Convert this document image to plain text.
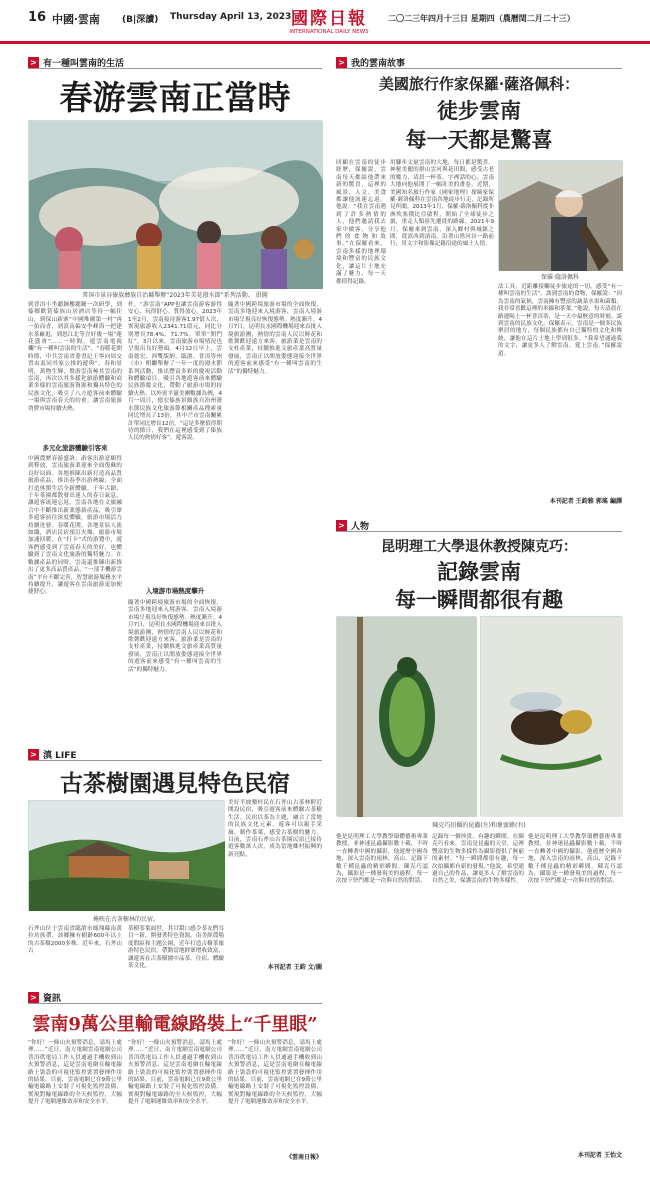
16 中國·雲南 (B|深讀) Thursday April 13, 2023 國際日報
INTERNATIONAL DAILY NEWS
二〇二三年四月十三日 星期四（農曆閏二月二十三）
> 有一種叫雲南的生活
春游雲南正當時
普洱市景谷傣族彝族自治縣舉辦“2023年美花潑水節”系列活動。 俱圖
到普洱小坐聽鐘樓聽鐘一次研學，到傣鄉歡賞傣族山居酒店等待一幅住山，到保山新寨“中國堆砌第一村”再一拍而香，到滇南偏安李峰海一把建水茶廠逛，到怒江北等豈好幾一場“蓮花盛會”……一時間，遊雲南電視欄“有一種叫雲南的生活”、“春暖花開時節，中共雲南省委書記王寧向周交習由衷同其家公推的遊與”。春和景明，萬物生輝，盤游雲南極其雲南的雲南，再次以其多樣化旅游體驗和商業多樣的雲南旅游資源和獨具特色的民族文化，吸引了八方遊客前來體驗一場與雲南春天的約會。讓雲南旅游消費市場持續火熱。
多元化旅游體驗引客來
中國農歷春游盛洛，游客出游意願得到釋放，雲南旅游業迎來全面復蘇的良好局面。各地推陳出新打造高品質旅游產品，推出春季出游熱線，全面打造休閑生活全新體驗。千年古鎮、千年茶園都散發出迷人的春日氣息，讓遊客流連忘返。雲南各地在文旅融合中不斷推出新業態新產品，吸引眾多遊客前往深度體驗，旅游市場活力持續迸發。春暖花開，各地景區人流如織，酒店民宿預訂火爆，旅游市場加速回暖，在“打卡”式的游覽中，遊客們感受到了雲南春天的美好，也體驗到了雲南文化旅游的獨特魅力。在數據產品的同時，雲南還推陳出新推出了更多高品質產品，“一部手機游雲南”平台不斷完善，智慧旅游服務水平持續提升，讓遊客在雲南旅游更加便捷舒心。
杆，“游雲南”APP也讓雲南游客游得安心、玩得舒心。質得放心。2023年1至2月，雲南接待游客1.97億人次，實現旅游收入2341.71億元，同比分別增長78.4%、71.7%。單單“開門紅”，3月以來，雲南旅游市場情況也呈現出良好勢頭。4月12日早上，雲南德宏、西雙版納、臨滄、普洱等州（市）相繼舉辦了一年一度的潑水節系列活動，推出豐富多彩的慶祝活動和體驗項目，吸引各地遊客前來體驗民族節慶文化，帶動了旅游市場的持續火熱。以外賓平靈美團數據為例，4月一周日，德宏傣族景頗族自治州潑水節民族文化旅游節相關產品搜索量同比增長了13倍，其中芒市雲南關累計單同比增長12倍。“這是多麼值得期待的節日，我們在這裡感受到了傣族人民的熱情好客”，遊客說。
入境游市場熱度攀升
隨著中國跨境旅游市場的全面恢復，雲南多地迎來入境游客，雲南入境游市場呈現良好恢復態勢。熱度漸升。4月7日，昆明長水國際機場迎來首批入境旅游團，熱情的雲南人民以鮮花和歌舞歡迎遠方來客。旅游業是雲南的支柱產業，持續推進文旅產業高質量發展，雲南正以開放姿態迎接全世界的遊客前來感受“有一種叫雲南的生活”的獨特魅力。
隨著中國跨境旅游市場的全面恢復，雲南多地迎來入境游客，雲南入境游市場呈現良好恢復態勢。熱度漸升。4月7日，昆明長水國際機場迎來首批入境旅游團，熱情的雲南人民以鮮花和歌舞歡迎遠方來客。旅游業是雲南的支柱產業，持續推進文旅產業高質量發展，雲南正以開放姿態迎接全世界的遊客前來感受“有一種叫雲南的生活”的獨特魅力。
> 我的雲南故事
美國旅行作家保羅·薩洛佩科：
徒步雲南
每一天都是驚喜
用腳步丈量雲南的大地，每日都是驚喜。神秘美麗的群山雲河與花田間，感受古老的魔力，清晨一杯茶，字裡話的心，雲南大地向他展開了一幅壯美的畫卷。近期，美國知名旅行作家《國家地理》探險家保羅·薩洛佩科在雲南各地徒步行走，記錄所見所聞。2013年1月，保羅·薩洛佩科從非洲埃塞俄比亞啟程，開始了全球徒步之旅，重走人類祖先遷徙的路線。2021年9月，保羅來到雲南，深入鄉村與城鎮之間，從滇西到滇南，沿著山巒河谷一路前行，用文字和影像記錄沿途的風土人情。
保羅·薩洛佩科
法工具。近距離接觸徒步旅途的一切，感受“有一種叫雲南的生活”。談到雲南的食物，保羅說：“因為雲南的氣候，雲南擁有豐富的蔬菜水果和菌類，我非常喜歡這裡的米線和茶葉。”他說，每天清晨在路邊喝上一杯普洱茶，是一天中最愜意的時刻。談到雲南的民族文化，保羅表示，雲南是一個多民族聚居的地方，每個民族都有自己獨特的文化和傳統，讓他在這片土地上學到很多。“我希望通過我的文字，讓更多人了解雲南、愛上雲南。”保羅說道。
回顧在雲南的徒步經歷，保羅說，雲南每天都給他帶來新的驚喜，這裡的風景、人文、美食都讓他流連忘返。他說：“我在雲南遇到了許多熱情的人，他們邀請我去家中做客，分享他們的食物和故事。”在保羅看來，雲南多樣的地理環境和豐富的民族文化，讓這片土地充滿了魅力，每一天都值得記錄。
本刊記者 王鈞雅 郭瑤 編譯
> 人物
昆明理工大學退休教授陳克巧：
記錄雲南
每一瞬間都很有趣
陳克巧拍攝的昆蟲(左)和象蜜蜂(右)
他是昆明理工大學教學環體藝術專業教授，並神迷昆蟲攝影數十載，不時一直轉著中國的攝影，他遊歷全國各地，深入雲南的雨林、高山，記錄下數千種昆蟲的精彩瞬間。陳克巧認為，攝影是一種發現美的過程，每一次按下快門都是一次與自然的對話。
記錄每一個珍貴、有趣的瞬間。在陳克巧看來，雲南是昆蟲的天堂，這裡豐富的生物多樣性為攝影提供了無窮的素材。“每一瞬間都很有趣，每一次拍攝都有新的發現。”他說，希望通過自己的作品，讓更多人了解雲南的自然之美，保護雲南的生物多樣性。
他是昆明理工大學教學環體藝術專業教授，並神迷昆蟲攝影數十載，不時一直轉著中國的攝影，他遊歷全國各地，深入雲南的雨林、高山，記錄下數千種昆蟲的精彩瞬間。陳克巧認為，攝影是一種發現美的過程，每一次按下快門都是一次與自然的對話。
本刊記者 王怡文
> 滇 LIFE
古茶樹園遇見特色民宿
掩映在古茶樹林的民宿。
石斧山位于雲南省臨滄市鳳翔縣南黃拉坊族帶，該鄉擁有樹齡600年以上的古茶樹2000多株。近年來，石斧山古
茶樹茶葉面世，其甘甜口感令茶友們耳目一新。開發著特色資源，南美經農場度假區和主題公園，近年打造古樹茶旅游特色民宿，帶動當地群眾增收致富，讓遊客在古茶樹園中品茶、住宿、體驗茶文化。
美好半坡樂村民在石斧山古茶林附近開設民宿，吸引遊客前來體驗古茶樹生活。民宿以茶為主題，融合了當地的民族文化元素，遊客可以親手采摘、制作茶葉，感受古茶樹的魅力。目前，雲南石斧山古茶園民宿已接待遊客數萬人次，成為當地鄉村振興的新亮點。
本刊記者 王鈞 文/圖
> 資訊
雲南9萬公里輸電線路裝上“千里眼”
“你好！一條山火預警消息，請馬上處理……”近日，南方電網雲南電網公司普洱供電局工作人員通過手機收到山火預警消息，這是雲南電網在輸電線路上裝設的可視化監控裝置發揮作用的結果。目前，雲南電網已在9萬公里輸電線路上安裝了可視化監控設備，實現對輸電線路的全天候監控，大幅提升了電網運維效率和安全水平。
“你好！一條山火預警消息，請馬上處理……”近日，南方電網雲南電網公司普洱供電局工作人員通過手機收到山火預警消息，這是雲南電網在輸電線路上裝設的可視化監控裝置發揮作用的結果。目前，雲南電網已在9萬公里輸電線路上安裝了可視化監控設備，實現對輸電線路的全天候監控，大幅提升了電網運維效率和安全水平。
“你好！一條山火預警消息，請馬上處理……”近日，南方電網雲南電網公司普洱供電局工作人員通過手機收到山火預警消息，這是雲南電網在輸電線路上裝設的可視化監控裝置發揮作用的結果。目前，雲南電網已在9萬公里輸電線路上安裝了可視化監控設備，實現對輸電線路的全天候監控，大幅提升了電網運維效率和安全水平。
《雲南日報》
